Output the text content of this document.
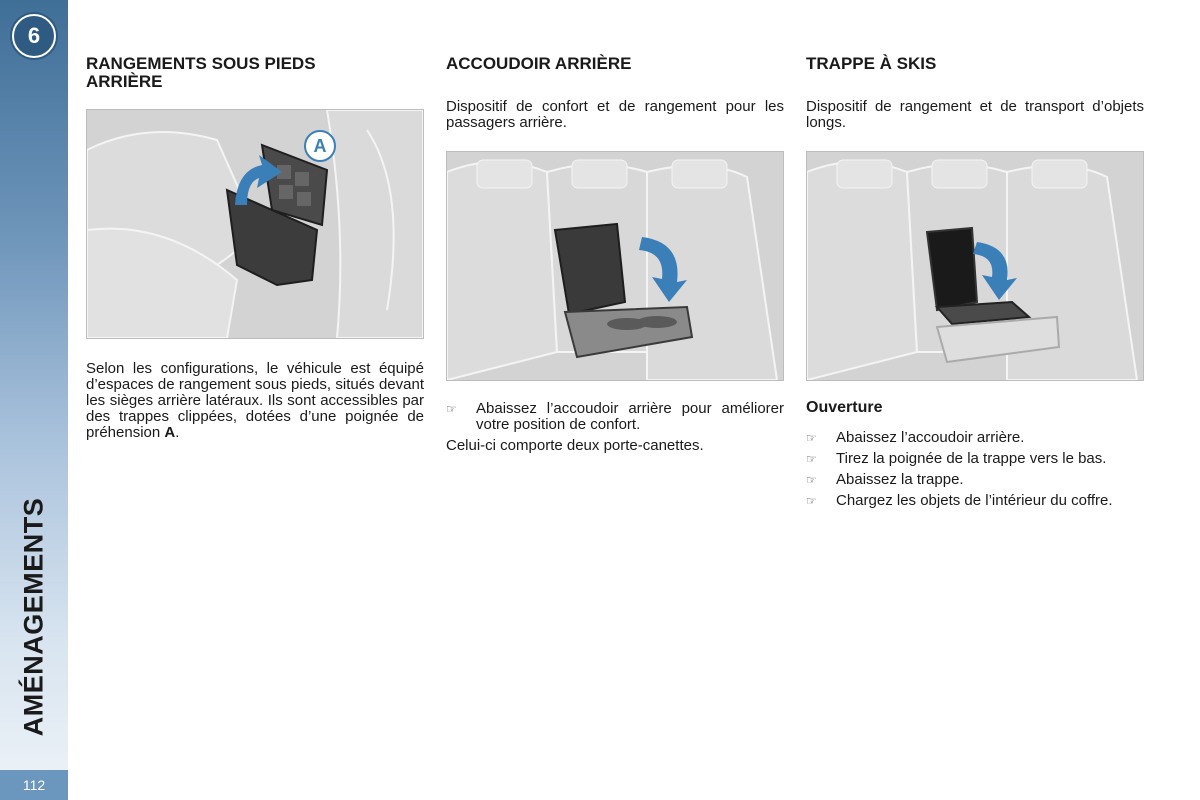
6
AMÉNAGEMENTS
112
RANGEMENTS SOUS PIEDS
ARRIÈRE
A

Selon les configurations, le véhicule est équipé d’espaces de rangement sous pieds, situés devant les sièges arrière latéraux. Ils sont accessibles par des trappes clippées, dotées d’une poignée de préhension A.

ACCOUDOIR ARRIÈRE

Dispositif de confort et de rangement pour les passagers arrière.

☞	Abaissez l’accoudoir arrière pour améliorer votre position de confort.

Celui-ci comporte deux porte-canettes.

TRAPPE À SKIS

Dispositif de rangement et de transport d’objets longs.

Ouverture
☞	Abaissez l’accoudoir arrière.
☞	Tirez la poignée de la trappe vers le bas.
☞	Abaissez la trappe.
☞	Chargez les objets de l’intérieur du coffre.
